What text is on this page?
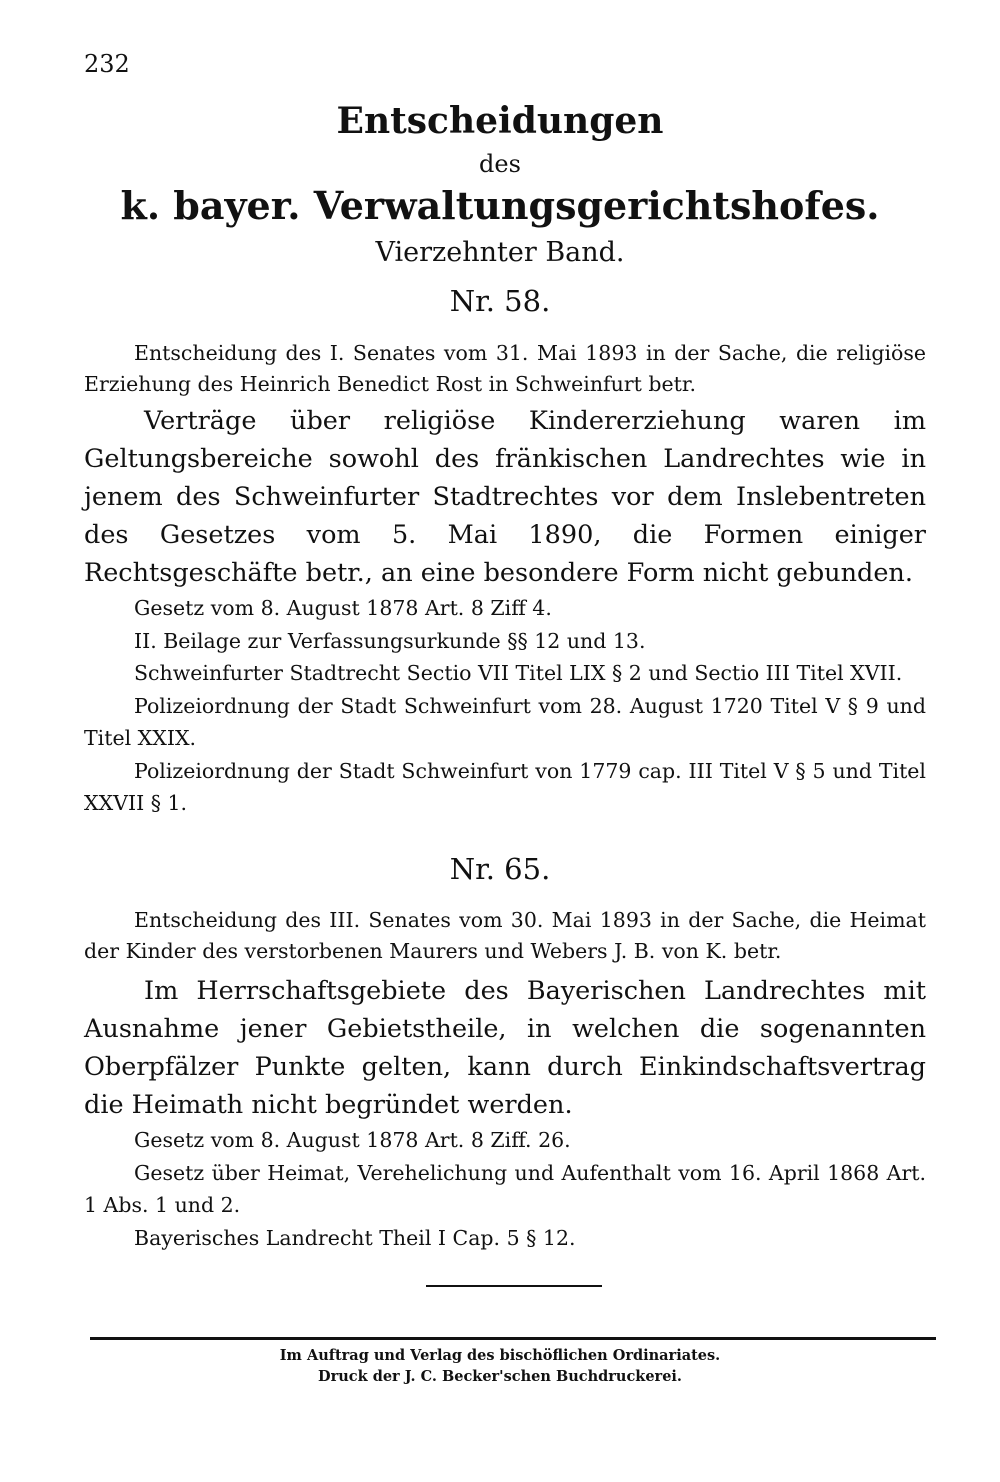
232
Entscheidungen
des
k. bayer. Verwaltungsgerichtshofes.
Vierzehnter Band.
Nr. 58.
Entscheidung des I. Senates vom 31. Mai 1893 in der Sache, die religiöse Erziehung des Heinrich Benedict Rost in Schweinfurt betr.
Verträge über religiöse Kindererziehung waren im Geltungsbereiche sowohl des fränkischen Landrechtes wie in jenem des Schweinfurter Stadtrechtes vor dem Inslebentreten des Gesetzes vom 5. Mai 1890, die Formen einiger Rechtsgeschäfte betr., an eine besondere Form nicht gebunden.

Gesetz vom 8. August 1878 Art. 8 Ziff 4.

II. Beilage zur Verfassungsurkunde §§ 12 und 13.

Schweinfurter Stadtrecht Sectio VII Titel LIX § 2 und Sectio III Titel XVII.

Polizeiordnung der Stadt Schweinfurt vom 28. August 1720 Titel V § 9 und Titel XXIX.

Polizeiordnung der Stadt Schweinfurt von 1779 cap. III Titel V § 5 und Titel XXVII § 1.

Nr. 65.
Entscheidung des III. Senates vom 30. Mai 1893 in der Sache, die Heimat der Kinder des verstorbenen Maurers und Webers J. B. von K. betr.
Im Herrschaftsgebiete des Bayerischen Landrechtes mit Ausnahme jener Gebietstheile, in welchen die sogenannten Oberpfälzer Punkte gelten, kann durch Einkindschaftsvertrag die Heimath nicht begründet werden.

Gesetz vom 8. August 1878 Art. 8 Ziff. 26.

Gesetz über Heimat, Verehelichung und Aufenthalt vom 16. April 1868 Art. 1 Abs. 1 und 2.

Bayerisches Landrecht Theil I Cap. 5 § 12.

Im Auftrag und Verlag des bischöflichen Ordinariates.
Druck der J. C. Becker'schen Buchdruckerei.
